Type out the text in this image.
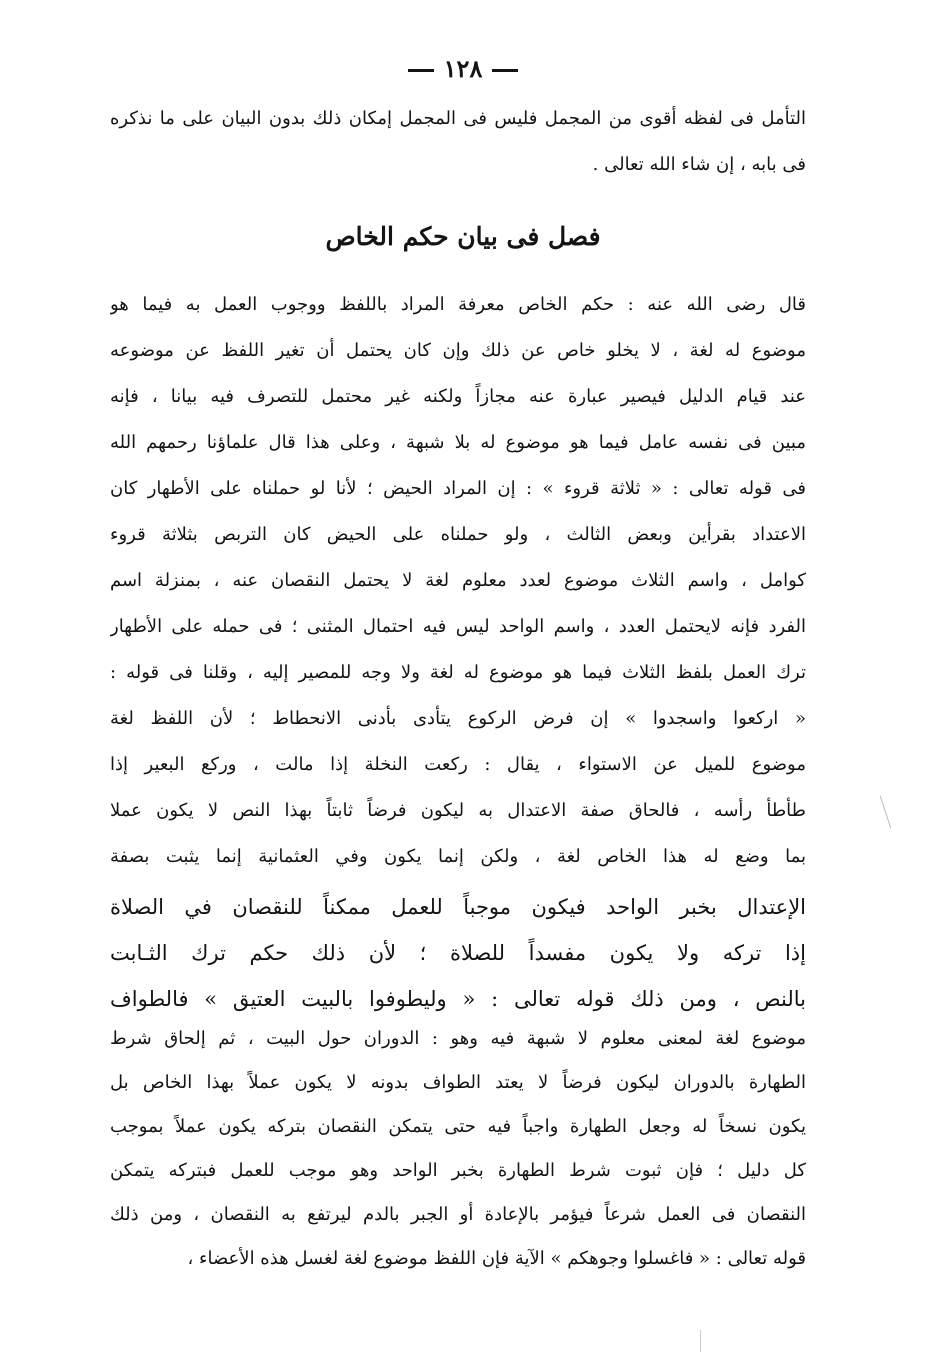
١٢٨
التأمل فى لفظه أقوى من المجمل فليس فى المجمل إمكان ذلك بدون البيان على ما نذكره
فى بابه ، إن شاء الله تعالى .
فصل فى بيان حكم الخاص
قال رضى الله عنه : حكم الخاص معرفة المراد باللفظ ووجوب العمل به فيما هو
موضوع له لغة ، لا يخلو خاص عن ذلك وإن كان يحتمل أن تغير اللفظ عن موضوعه
عند قيام الدليل فيصير عبارة عنه مجازاً ولكنه غير محتمل للتصرف فيه بيانا ، فإنه
مبين فى نفسه عامل فيما هو موضوع له بلا شبهة ، وعلى هذا قال علماؤنا رحمهم الله
فى قوله تعالى : « ثلاثة قروء » : إن المراد الحيض ؛ لأنا لو حملناه على الأطهار كان
الاعتداد بقرأين وبعض الثالث ، ولو حملناه على الحيض كان التربص بثلاثة قروء
كوامل ، واسم الثلاث موضوع لعدد معلوم لغة لا يحتمل النقصان عنه ، بمنزلة اسم
الفرد فإنه لايحتمل العدد ، واسم الواحد ليس فيه احتمال المثنى ؛ فى حمله على الأطهار
ترك العمل بلفظ الثلاث فيما هو موضوع له لغة ولا وجه للمصير إليه ، وقلنا فى قوله :
« اركعوا واسجدوا » إن فرض الركوع يتأدى بأدنى الانحطاط ؛ لأن اللفظ لغة
موضوع للميل عن الاستواء ، يقال : ركعت النخلة إذا مالت ، وركع البعير إذا
طأطأ رأسه ، فالحاق صفة الاعتدال به ليكون فرضاً ثابتاً بهذا النص لا يكون عملا
بما وضع له هذا الخاص لغة ، ولكن إنما يكون وفي العثمانية إنما يثبت بصفة
الإعتدال بخبر الواحد فيكون موجباً للعمل ممكناً للنقصان في الصلاة
إذا تركه ولا يكون مفسداً للصلاة ؛ لأن ذلك حكم ترك الثـابت
بالنص ، ومن ذلك قوله تعالى : « وليطوفوا بالبيت العتيق » فالطواف
موضوع لغة لمعنى معلوم لا شبهة فيه وهو : الدوران حول البيت ، ثم إلحاق شرط
الطهارة بالدوران ليكون فرضاً لا يعتد الطواف بدونه لا يكون عملاً بهذا الخاص بل
يكون نسخاً له وجعل الطهارة واجباً فيه حتى يتمكن النقصان بتركه يكون عملاً بموجب
كل دليل ؛ فإن ثبوت شرط الطهارة بخبر الواحد وهو موجب للعمل فبتركه يتمكن
النقصان فى العمل شرعاً فيؤمر بالإعادة أو الجبر بالدم ليرتفع به النقصان ، ومن ذلك
قوله تعالى : « فاغسلوا وجوهكم » الآية فإن اللفظ موضوع لغة لغسل هذه الأعضاء ،
